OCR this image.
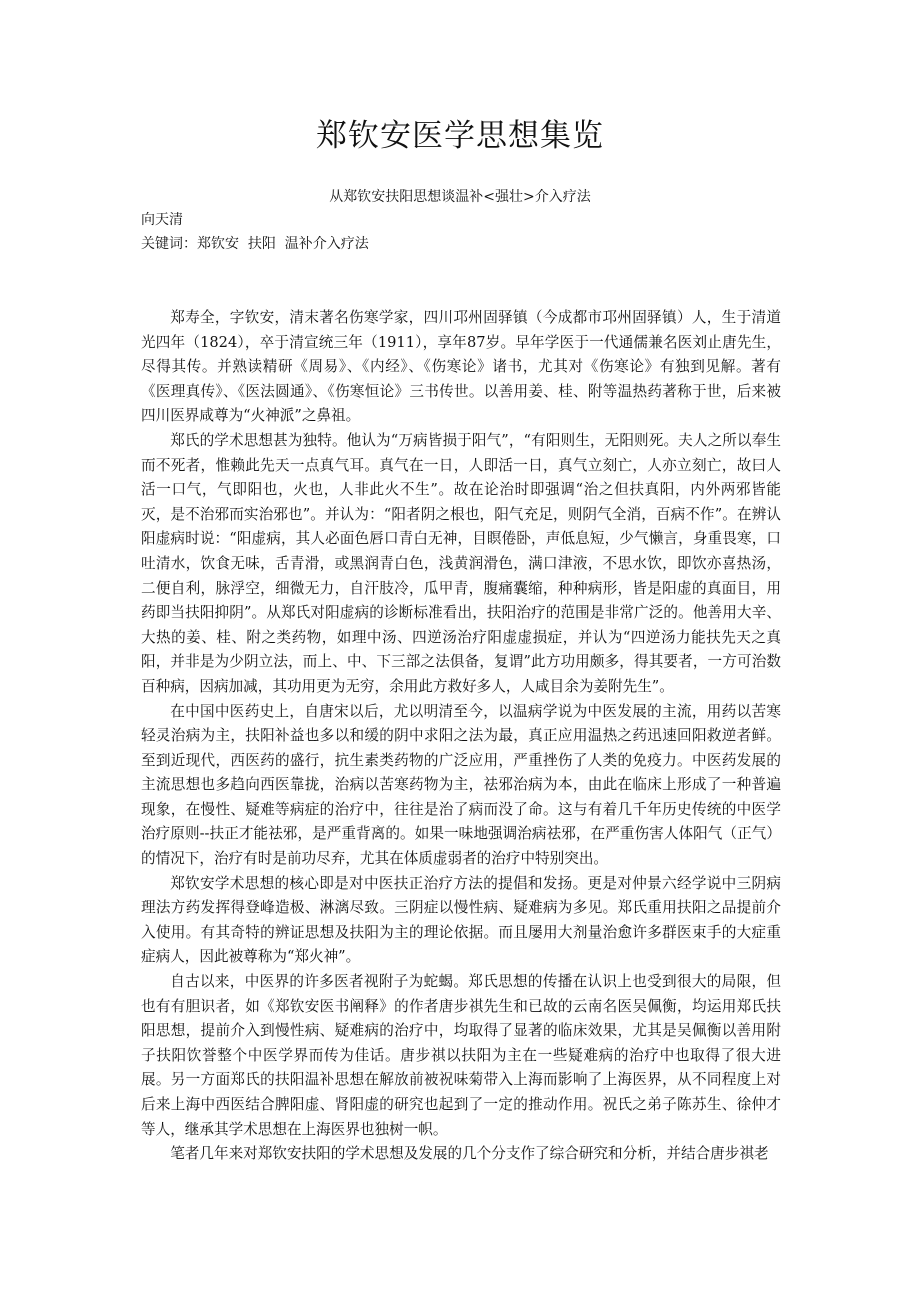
郑钦安医学思想集览
从郑钦安扶阳思想谈温补<强壮>介入疗法
向天清
关键词：郑钦安  扶阳  温补介入疗法

郑寿全，字钦安，清末著名伤寒学家，四川邛州固驿镇（今成都市邛州固驿镇）人，生于清道光四年（1824），卒于清宣统三年（1911），享年87岁。早年学医于一代通儒兼名医刘止唐先生，尽得其传。并熟读精研《周易》、《内经》、《伤寒论》诸书，尤其对《伤寒论》有独到见解。著有《医理真传》、《医法圆通》、《伤寒恒论》三书传世。以善用姜、桂、附等温热药著称于世，后来被四川医界咸尊为“火神派”之鼻祖。

郑氏的学术思想甚为独特。他认为“万病皆损于阳气”，“有阳则生，无阳则死。夫人之所以奉生而不死者，惟赖此先天一点真气耳。真气在一日，人即活一日，真气立刻亡，人亦立刻亡，故曰人活一口气，气即阳也，火也，人非此火不生”。故在论治时即强调“治之但扶真阳，内外两邪皆能灭，是不治邪而实治邪也”。并认为：“阳者阴之根也，阳气充足，则阴气全消，百病不作”。在辨认阳虚病时说：“阳虚病，其人必面色唇口青白无神，目瞑倦卧，声低息短，少气懒言，身重畏寒，口吐清水，饮食无味，舌青滑，或黑润青白色，浅黄润滑色，满口津液，不思水饮，即饮亦喜热汤，二便自利，脉浮空，细微无力，自汗肢冷，瓜甲青，腹痛囊缩，种种病形，皆是阳虚的真面目，用药即当扶阳抑阴”。从郑氏对阳虚病的诊断标准看出，扶阳治疗的范围是非常广泛的。他善用大辛、大热的姜、桂、附之类药物，如理中汤、四逆汤治疗阳虚虚损症，并认为“四逆汤力能扶先天之真阳，并非是为少阴立法，而上、中、下三部之法俱备，复谓”此方功用颇多，得其要者，一方可治数百种病，因病加减，其功用更为无穷，余用此方救好多人，人咸目余为姜附先生”。

在中国中医药史上，自唐宋以后，尤以明清至今，以温病学说为中医发展的主流，用药以苦寒轻灵治病为主，扶阳补益也多以和缓的阴中求阳之法为最，真正应用温热之药迅速回阳救逆者鲜。至到近现代，西医药的盛行，抗生素类药物的广泛应用，严重挫伤了人类的免疫力。中医药发展的主流思想也多趋向西医靠拢，治病以苦寒药物为主，祛邪治病为本，由此在临床上形成了一种普遍现象，在慢性、疑难等病症的治疗中，往往是治了病而没了命。这与有着几千年历史传统的中医学治疗原则--扶正才能祛邪，是严重背离的。如果一味地强调治病祛邪，在严重伤害人体阳气（正气）的情况下，治疗有时是前功尽弃，尤其在体质虚弱者的治疗中特别突出。

郑钦安学术思想的核心即是对中医扶正治疗方法的提倡和发扬。更是对仲景六经学说中三阴病理法方药发挥得登峰造极、淋漓尽致。三阴症以慢性病、疑难病为多见。郑氏重用扶阳之品提前介入使用。有其奇特的辨证思想及扶阳为主的理论依据。而且屡用大剂量治愈许多群医束手的大症重症病人，因此被尊称为“郑火神”。

自古以来，中医界的许多医者视附子为蛇蝎。郑氏思想的传播在认识上也受到很大的局限，但也有有胆识者，如《郑钦安医书阐释》的作者唐步祺先生和已故的云南名医吴佩衡，均运用郑氏扶阳思想，提前介入到慢性病、疑难病的治疗中，均取得了显著的临床效果，尤其是吴佩衡以善用附子扶阳饮誉整个中医学界而传为佳话。唐步祺以扶阳为主在一些疑难病的治疗中也取得了很大进展。另一方面郑氏的扶阳温补思想在解放前被祝味菊带入上海而影响了上海医界，从不同程度上对后来上海中西医结合脾阳虚、肾阳虚的研究也起到了一定的推动作用。祝氏之弟子陈苏生、徐仲才等人，继承其学术思想在上海医界也独树一帜。

笔者几年来对郑钦安扶阳的学术思想及发展的几个分支作了综合研究和分析，并结合唐步祺老
